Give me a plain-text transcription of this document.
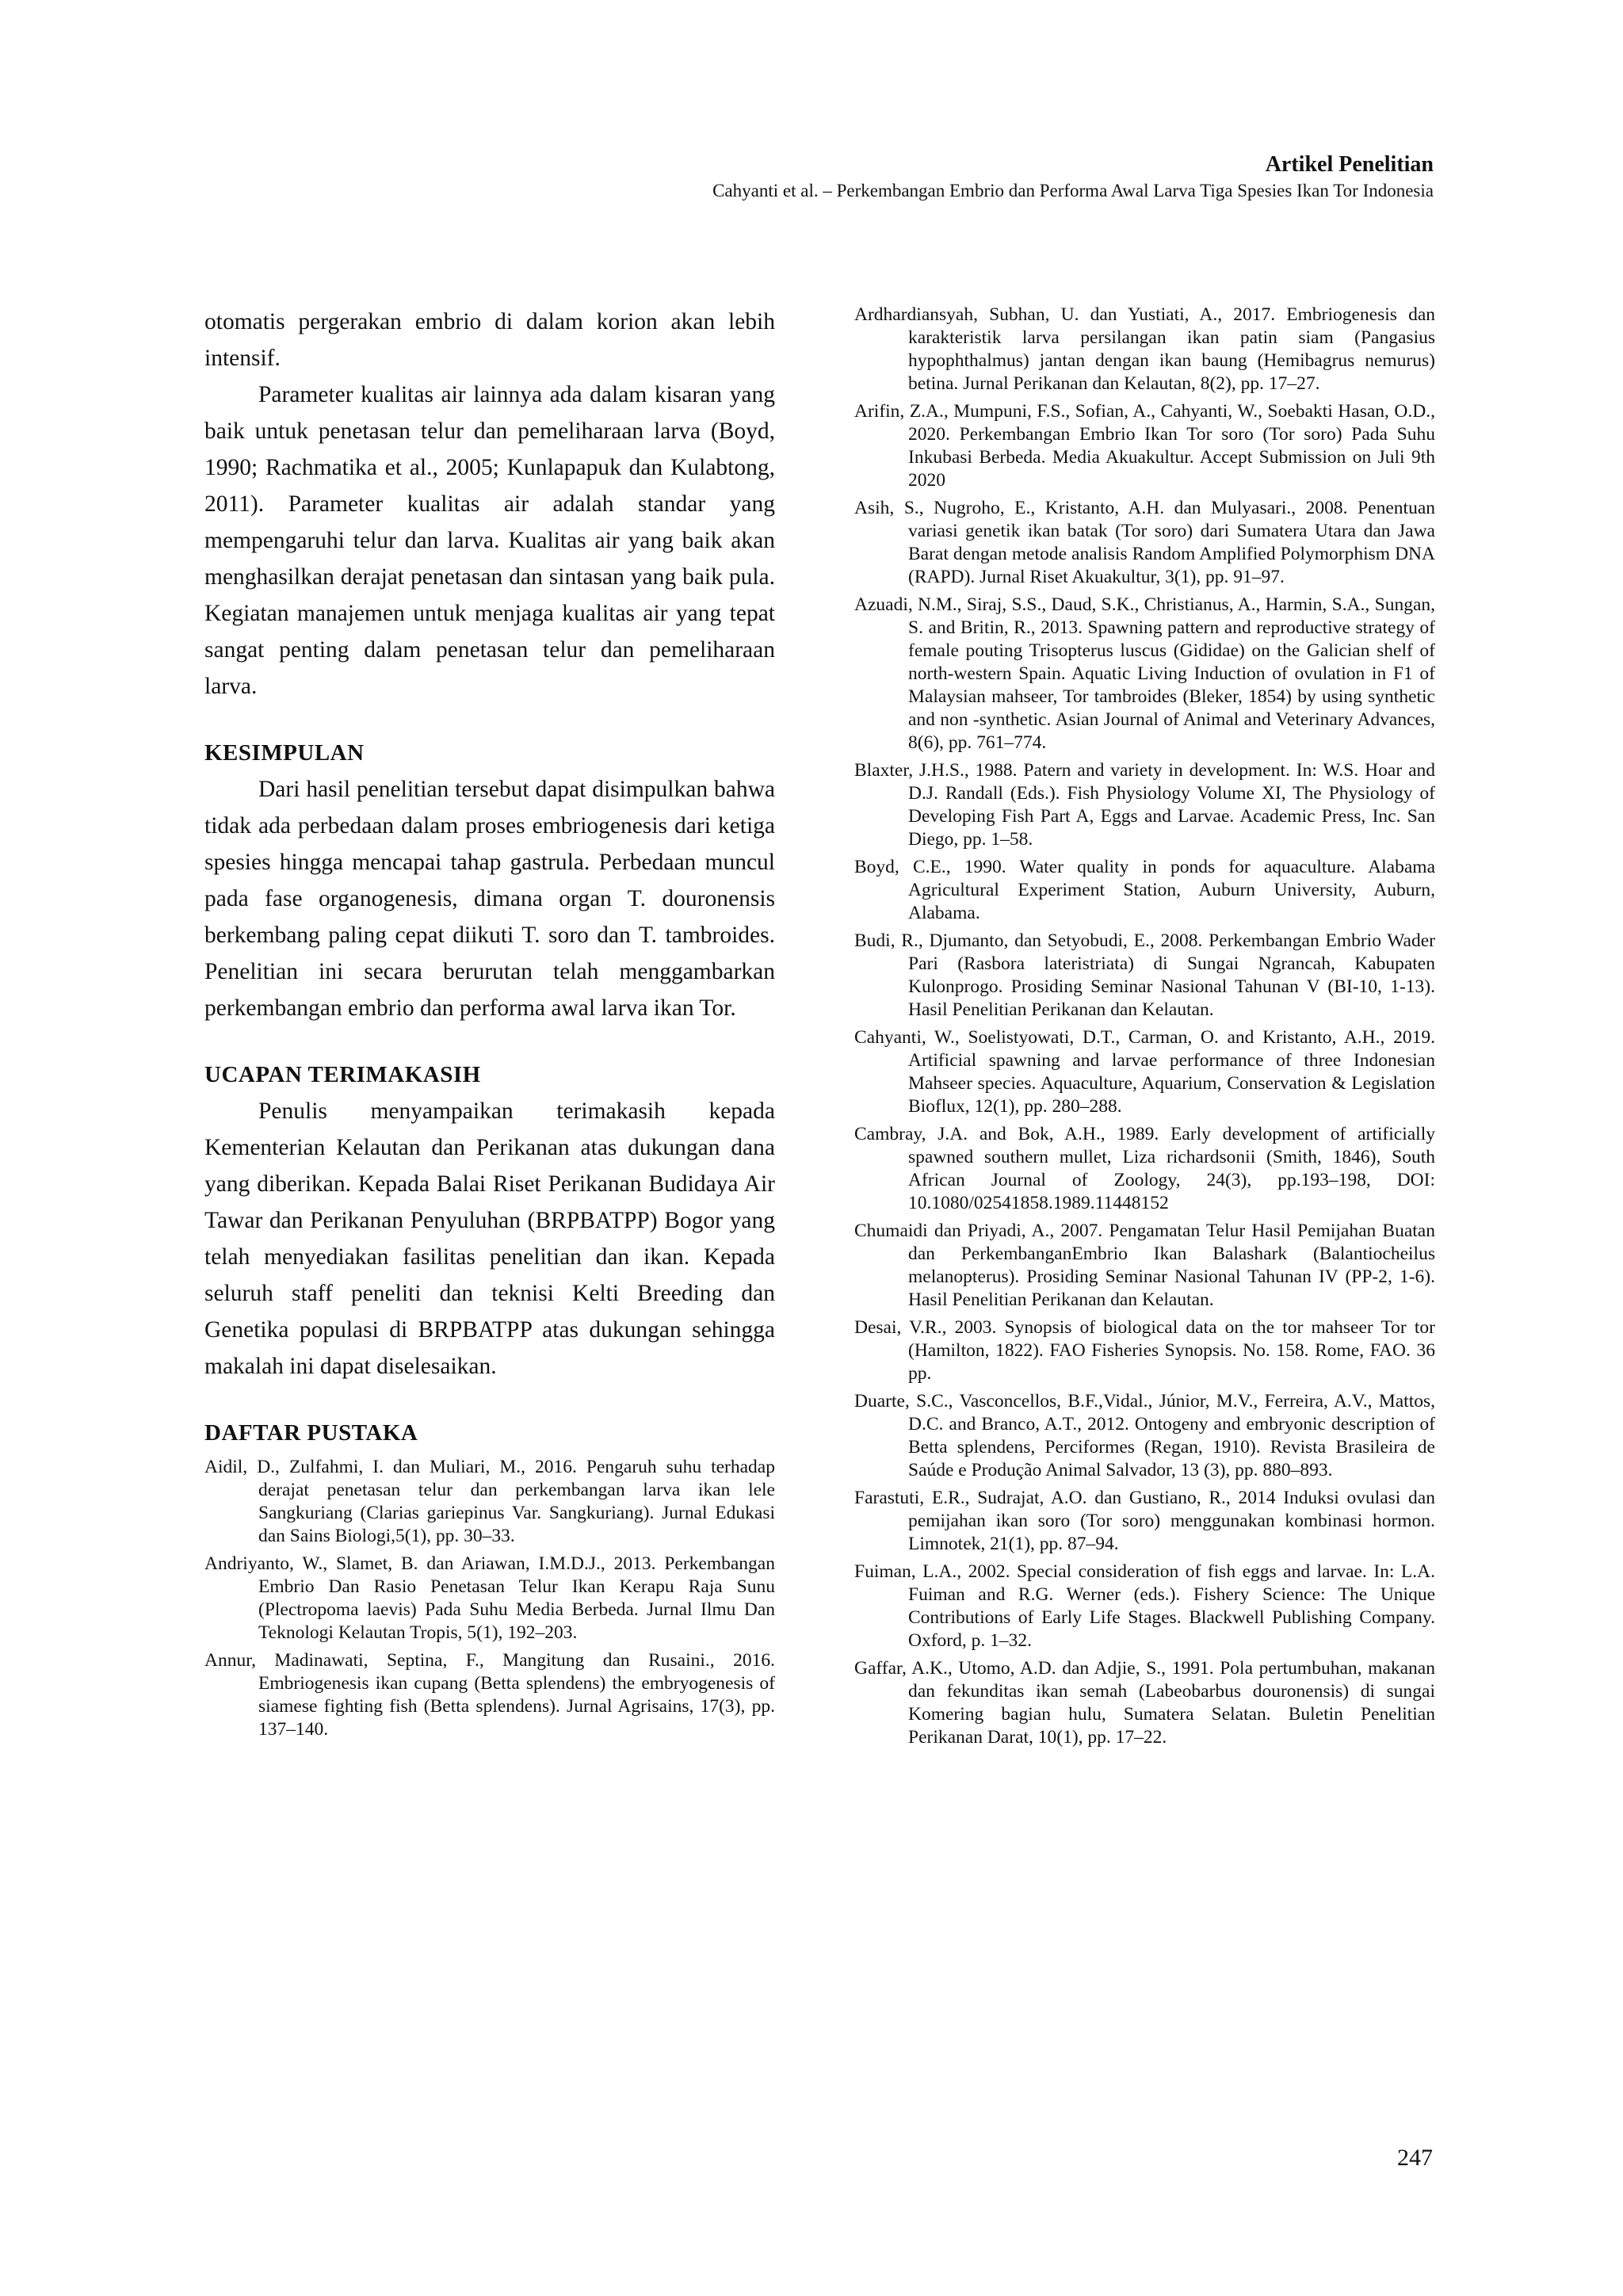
Artikel Penelitian
Cahyanti et al. – Perkembangan Embrio dan Performa Awal Larva Tiga Spesies Ikan Tor Indonesia

otomatis pergerakan embrio di dalam korion akan lebih intensif.

Parameter kualitas air lainnya ada dalam kisaran yang baik untuk penetasan telur dan pemeliharaan larva (Boyd, 1990; Rachmatika et al., 2005; Kunlapapuk dan Kulabtong, 2011). Parameter kualitas air adalah standar yang mempengaruhi telur dan larva. Kualitas air yang baik akan menghasilkan derajat penetasan dan sintasan yang baik pula. Kegiatan manajemen untuk menjaga kualitas air yang tepat sangat penting dalam penetasan telur dan pemeliharaan larva.

KESIMPULAN

Dari hasil penelitian tersebut dapat disimpulkan bahwa tidak ada perbedaan dalam proses embriogenesis dari ketiga spesies hingga mencapai tahap gastrula. Perbedaan muncul pada fase organogenesis, dimana organ T. douronensis berkembang paling cepat diikuti T. soro dan T. tambroides. Penelitian ini secara berurutan telah menggambarkan perkembangan embrio dan performa awal larva ikan Tor.

UCAPAN TERIMAKASIH

Penulis menyampaikan terimakasih kepada Kementerian Kelautan dan Perikanan atas dukungan dana yang diberikan. Kepada Balai Riset Perikanan Budidaya Air Tawar dan Perikanan Penyuluhan (BRPBATPP) Bogor yang telah menyediakan fasilitas penelitian dan ikan. Kepada seluruh staff peneliti dan teknisi Kelti Breeding dan Genetika populasi di BRPBATPP atas dukungan sehingga makalah ini dapat diselesaikan.

DAFTAR PUSTAKA

Aidil, D., Zulfahmi, I. dan Muliari, M., 2016. Pengaruh suhu terhadap derajat penetasan telur dan perkembangan larva ikan lele Sangkuriang (Clarias gariepinus Var. Sangkuriang). Jurnal Edukasi dan Sains Biologi,5(1), pp. 30–33.

Andriyanto, W., Slamet, B. dan Ariawan, I.M.D.J., 2013. Perkembangan Embrio Dan Rasio Penetasan Telur Ikan Kerapu Raja Sunu (Plectropoma laevis) Pada Suhu Media Berbeda. Jurnal Ilmu Dan Teknologi Kelautan Tropis, 5(1), 192–203.

Annur, Madinawati, Septina, F., Mangitung dan Rusaini., 2016. Embriogenesis ikan cupang (Betta splendens) the embryogenesis of siamese fighting fish (Betta splendens). Jurnal Agrisains, 17(3), pp. 137–140.

Ardhardiansyah, Subhan, U. dan Yustiati, A., 2017. Embriogenesis dan karakteristik larva persilangan ikan patin siam (Pangasius hypophthalmus) jantan dengan ikan baung (Hemibagrus nemurus) betina. Jurnal Perikanan dan Kelautan, 8(2), pp. 17–27.

Arifin, Z.A., Mumpuni, F.S., Sofian, A., Cahyanti, W., Soebakti Hasan, O.D., 2020. Perkembangan Embrio Ikan Tor soro (Tor soro) Pada Suhu Inkubasi Berbeda. Media Akuakultur. Accept Submission on Juli 9th 2020

Asih, S., Nugroho, E., Kristanto, A.H. dan Mulyasari., 2008. Penentuan variasi genetik ikan batak (Tor soro) dari Sumatera Utara dan Jawa Barat dengan metode analisis Random Amplified Polymorphism DNA (RAPD). Jurnal Riset Akuakultur, 3(1), pp. 91–97.

Azuadi, N.M., Siraj, S.S., Daud, S.K., Christianus, A., Harmin, S.A., Sungan, S. and Britin, R., 2013. Spawning pattern and reproductive strategy of female pouting Trisopterus luscus (Gididae) on the Galician shelf of north-western Spain. Aquatic Living Induction of ovulation in F1 of Malaysian mahseer, Tor tambroides (Bleker, 1854) by using synthetic and non -synthetic. Asian Journal of Animal and Veterinary Advances, 8(6), pp. 761–774.

Blaxter, J.H.S., 1988. Patern and variety in development. In: W.S. Hoar and D.J. Randall (Eds.). Fish Physiology Volume XI, The Physiology of Developing Fish Part A, Eggs and Larvae. Academic Press, Inc. San Diego, pp. 1–58.

Boyd, C.E., 1990. Water quality in ponds for aquaculture. Alabama Agricultural Experiment Station, Auburn University, Auburn, Alabama.

Budi, R., Djumanto, dan Setyobudi, E., 2008. Perkembangan Embrio Wader Pari (Rasbora lateristriata) di Sungai Ngrancah, Kabupaten Kulonprogo. Prosiding Seminar Nasional Tahunan V (BI-10, 1-13). Hasil Penelitian Perikanan dan Kelautan.

Cahyanti, W., Soelistyowati, D.T., Carman, O. and Kristanto, A.H., 2019. Artificial spawning and larvae performance of three Indonesian Mahseer species. Aquaculture, Aquarium, Conservation & Legislation Bioflux, 12(1), pp. 280–288.

Cambray, J.A. and Bok, A.H., 1989. Early development of artificially spawned southern mullet, Liza richardsonii (Smith, 1846), South African Journal of Zoology, 24(3), pp.193–198, DOI: 10.1080/02541858.1989.11448152

Chumaidi dan Priyadi, A., 2007. Pengamatan Telur Hasil Pemijahan Buatan dan PerkembanganEmbrio Ikan Balashark (Balantiocheilus melanopterus). Prosiding Seminar Nasional Tahunan IV (PP-2, 1-6). Hasil Penelitian Perikanan dan Kelautan.

Desai, V.R., 2003. Synopsis of biological data on the tor mahseer Tor tor (Hamilton, 1822). FAO Fisheries Synopsis. No. 158. Rome, FAO. 36 pp.

Duarte, S.C., Vasconcellos, B.F.,Vidal., Júnior, M.V., Ferreira, A.V., Mattos, D.C. and Branco, A.T., 2012. Ontogeny and embryonic description of Betta splendens, Perciformes (Regan, 1910). Revista Brasileira de Saúde e Produção Animal Salvador, 13 (3), pp. 880–893.

Farastuti, E.R., Sudrajat, A.O. dan Gustiano, R., 2014 Induksi ovulasi dan pemijahan ikan soro (Tor soro) menggunakan kombinasi hormon. Limnotek, 21(1), pp. 87–94.

Fuiman, L.A., 2002. Special consideration of fish eggs and larvae. In: L.A. Fuiman and R.G. Werner (eds.). Fishery Science: The Unique Contributions of Early Life Stages. Blackwell Publishing Company. Oxford, p. 1–32.

Gaffar, A.K., Utomo, A.D. dan Adjie, S., 1991. Pola pertumbuhan, makanan dan fekunditas ikan semah (Labeobarbus douronensis) di sungai Komering bagian hulu, Sumatera Selatan. Buletin Penelitian Perikanan Darat, 10(1), pp. 17–22.

247
